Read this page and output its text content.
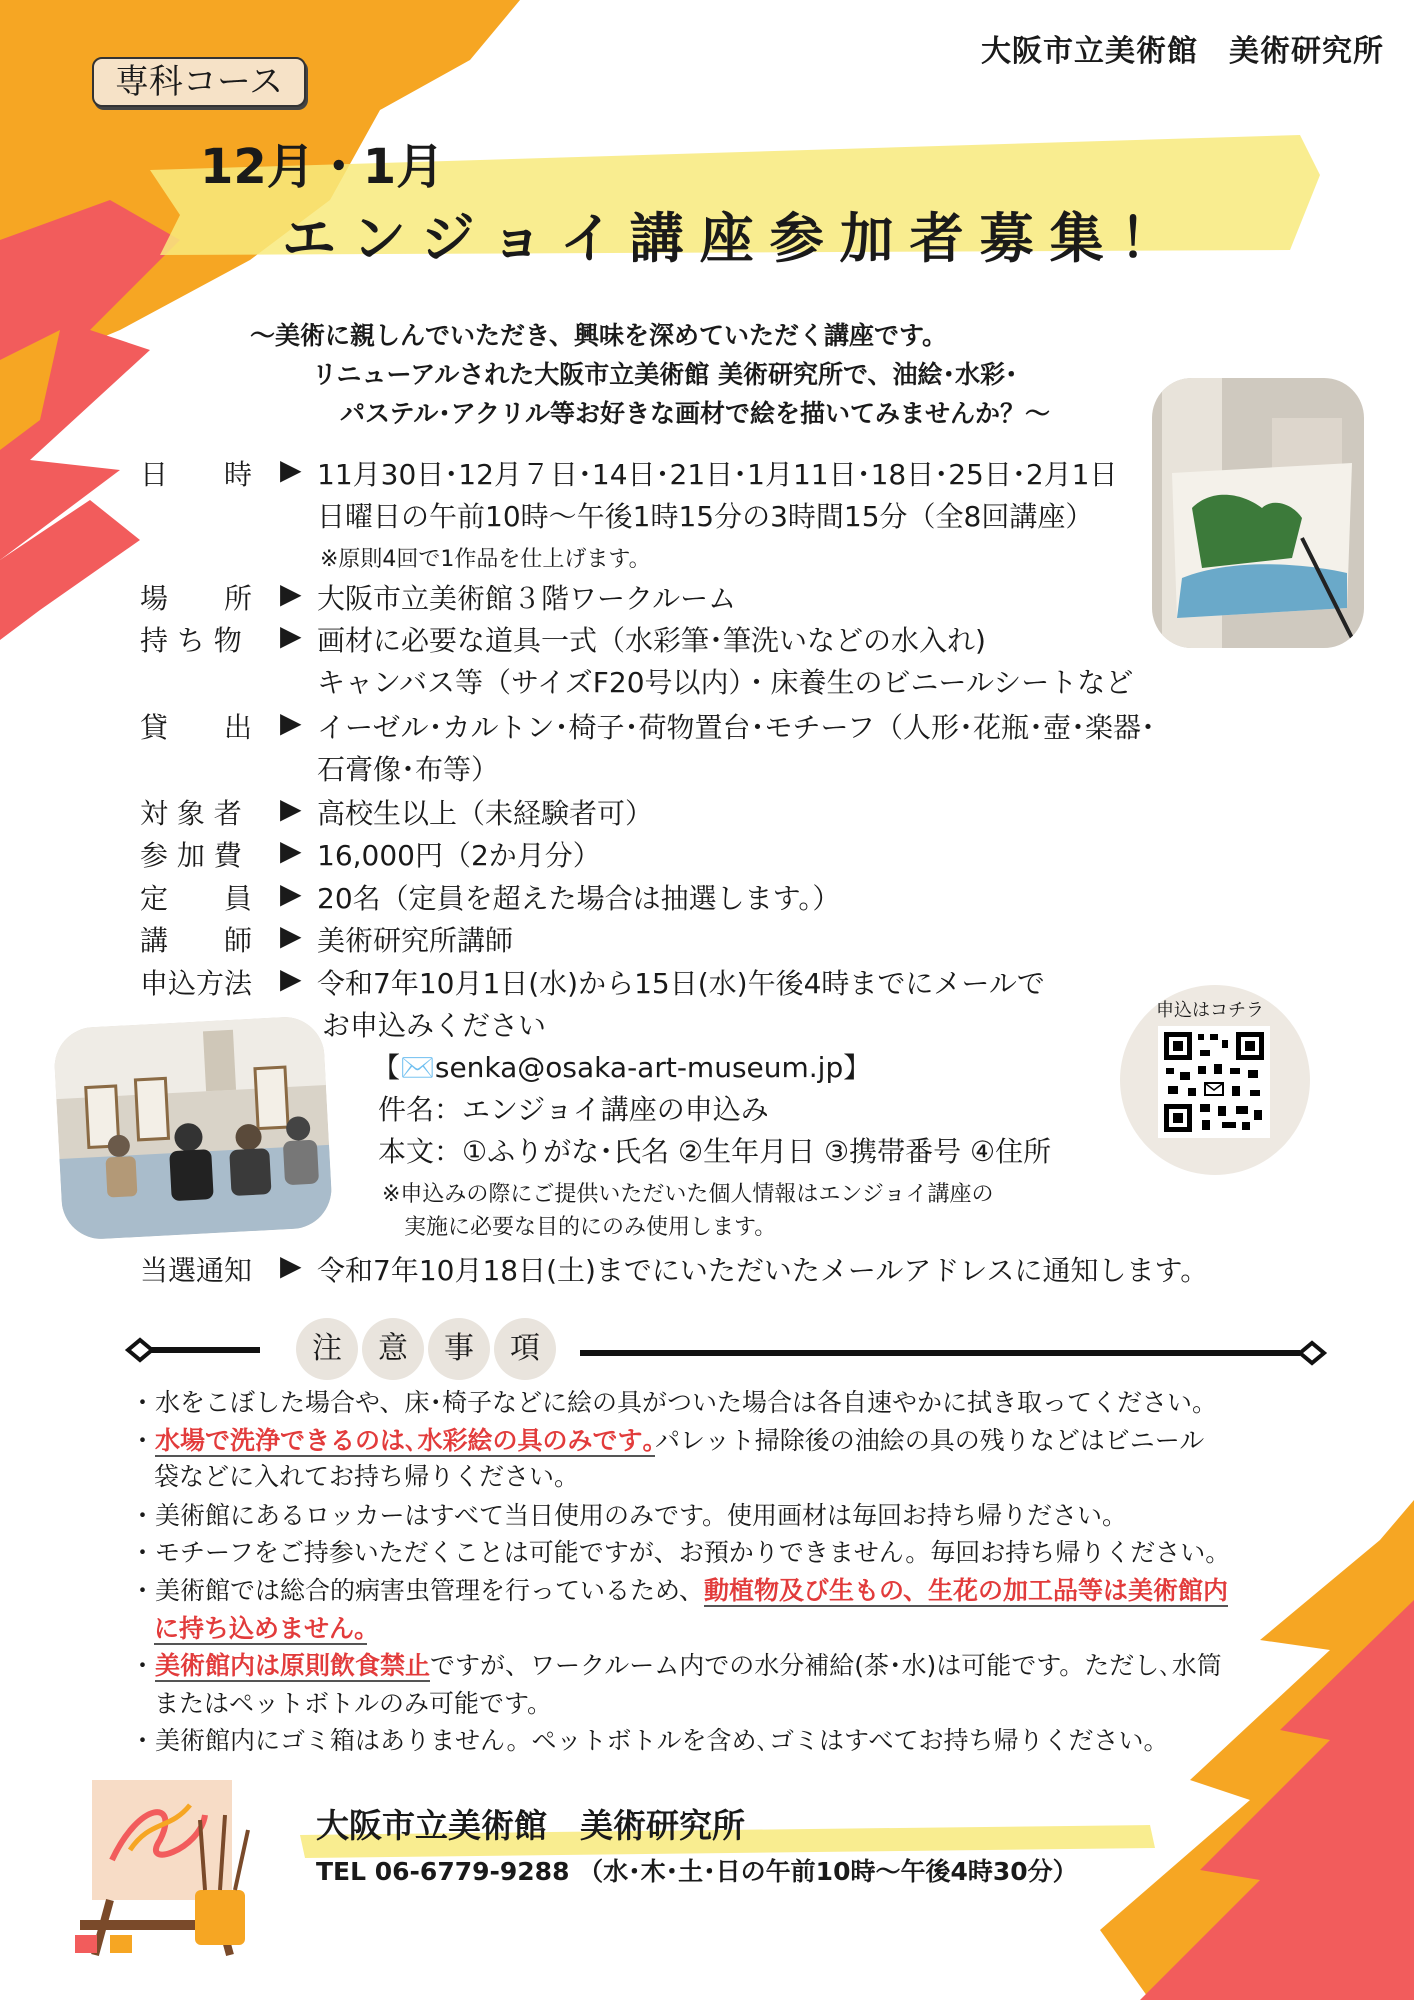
大阪市立美術館　美術研究所
専科コース
12月・1月
エンジョイ講座参加者募集！
〜美術に親しんでいただき、興味を深めていただく講座です。
リニューアルされた大阪市立美術館 美術研究所で、油絵･水彩･
パステル･アクリル等お好きな画材で絵を描いてみませんか？〜
日　　時 ▶ 11月30日･12月７日･14日･21日･1月11日･18日･25日･2月1日
日曜日の午前10時〜午後1時15分の3時間15分（全8回講座）
※原則4回で1作品を仕上げます。
場　　所 ▶ 大阪市立美術館３階ワークルーム
持 ち 物	▶ 画材に必要な道具一式（水彩筆･筆洗いなどの水入れ)
キャンバス等（サイズF20号以内）・床養生のビニールシートなど
貸　　出 ▶ イーゼル･カルトン･椅子･荷物置台･モチーフ（人形･花瓶･壺･楽器･
石膏像･布等）
対 象 者	▶ 高校生以上（未経験者可）
参 加 費	▶ 16,000円（2か月分）
定　　員 ▶ 20名（定員を超えた場合は抽選します。）
講　　師 ▶ 美術研究所講師
申込方法 ▶ 令和7年10月1日(水)から15日(水)午後4時までにメールで
お申込みください
【✉️senka@osaka-art-museum.jp】
件名：エンジョイ講座の申込み
本文：①ふりがな･氏名 ②生年月日 ③携帯番号 ④住所
※申込みの際にご提供いただいた個人情報はエンジョイ講座の
実施に必要な目的にのみ使用します。
当選通知 ▶ 令和7年10月18日(土)までにいただいたメールアドレスに通知します。
申込はコチラ
注	意	事	項
・水をこぼした場合や、床･椅子などに絵の具がついた場合は各自速やかに拭き取ってください。
・水場で洗浄できるのは､水彩絵の具のみです｡パレット掃除後の油絵の具の残りなどはビニール
袋などに入れてお持ち帰りください。
・美術館にあるロッカーはすべて当日使用のみです。使用画材は毎回お持ち帰りださい。
・モチーフをご持参いただくことは可能ですが、お預かりできません。毎回お持ち帰りください。
・美術館では総合的病害虫管理を行っているため、動植物及び生もの、生花の加工品等は美術館内
に持ち込めません｡
・美術館内は原則飲食禁止ですが、ワークルーム内での水分補給(茶･水)は可能です。ただし､水筒
またはペットボトルのみ可能です。
・美術館内にゴミ箱はありません。ペットボトルを含め､ゴミはすべてお持ち帰りください。
大阪市立美術館　美術研究所
TEL 06-6779-9288 （水･木･土･日の午前10時〜午後4時30分）
